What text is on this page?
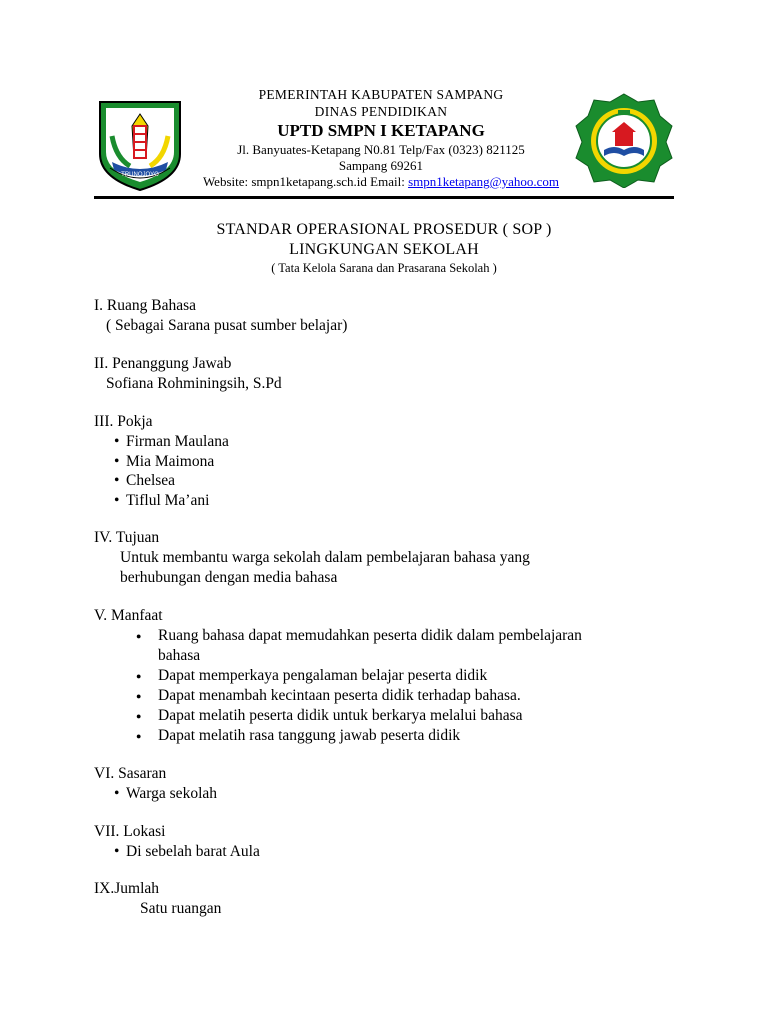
TRUNOJOYO
PEMERINTAH KABUPATEN SAMPANG
DINAS PENDIDIKAN
UPTD SMPN I KETAPANG
Jl. Banyuates-Ketapang N0.81 Telp/Fax (0323) 821125
Sampang 69261
Website: smpn1ketapang.sch.id Email: smpn1ketapang@yahoo.com
STANDAR OPERASIONAL PROSEDUR ( SOP )
LINGKUNGAN SEKOLAH
( Tata Kelola Sarana dan Prasarana Sekolah )
I. Ruang Bahasa
( Sebagai Sarana pusat sumber belajar)
II. Penanggung Jawab
Sofiana Rohminingsih, S.Pd
III. Pokja
• Firman Maulana
• Mia Maimona
• Chelsea
• Tiflul Ma’ani
IV. Tujuan
Untuk membantu warga sekolah dalam pembelajaran bahasa yang
berhubungan dengan media bahasa
V. Manfaat
● Ruang bahasa dapat memudahkan peserta didik dalam pembelajaran
bahasa
● Dapat memperkaya pengalaman belajar peserta didik
● Dapat menambah kecintaan peserta didik terhadap bahasa.
● Dapat melatih peserta didik untuk berkarya melalui bahasa
● Dapat melatih rasa tanggung jawab peserta didik
VI. Sasaran
• Warga sekolah
VII. Lokasi
• Di sebelah barat Aula
IX.Jumlah
Satu ruangan
